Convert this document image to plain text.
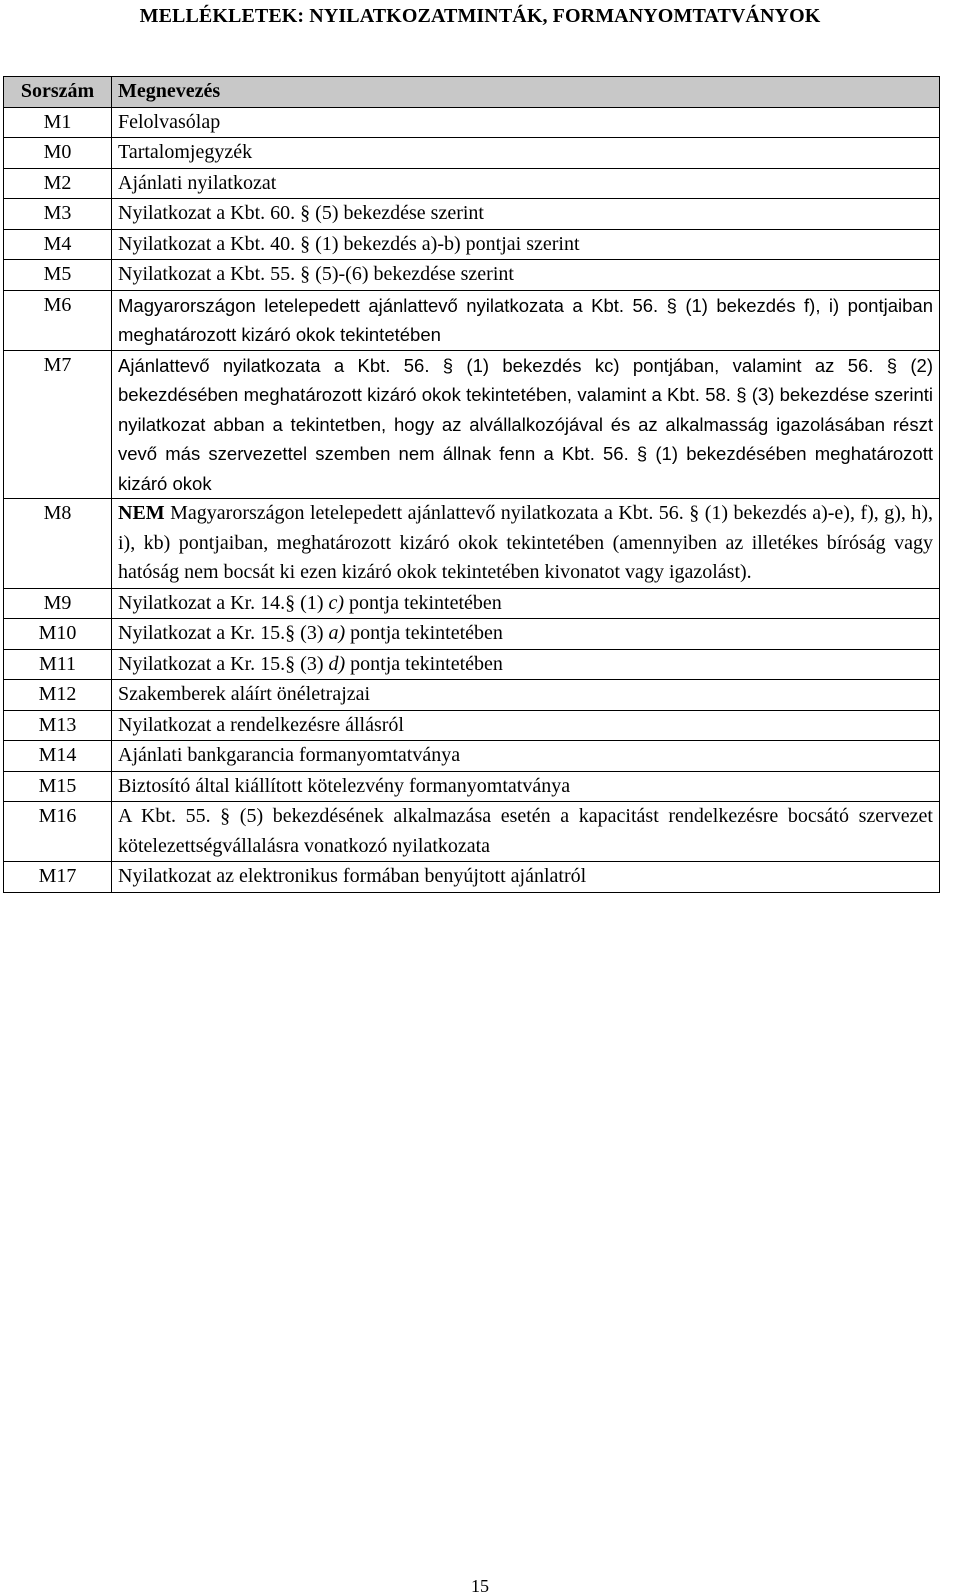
MELLÉKLETEK: NYILATKOZATMINTÁK, FORMANYOMTATVÁNYOK
Sorszám	Megnevezés
M1	Felolvasólap
M0	Tartalomjegyzék
M2	Ajánlati nyilatkozat
M3	Nyilatkozat a Kbt. 60. § (5) bekezdése szerint
M4	Nyilatkozat a Kbt. 40. § (1) bekezdés a)-b) pontjai szerint
M5	Nyilatkozat a Kbt. 55. § (5)-(6) bekezdése szerint
M6	Magyarországon letelepedett ajánlattevő nyilatkozata a Kbt. 56. § (1) bekezdés f), i) pontjaiban meghatározott kizáró okok tekintetében
M7	Ajánlattevő nyilatkozata a Kbt. 56. § (1) bekezdés kc) pontjában, valamint az 56. § (2) bekezdésében meghatározott kizáró okok tekintetében, valamint a Kbt. 58. § (3) bekezdése szerinti nyilatkozat abban a tekintetben, hogy az alvállalkozójával és az alkalmasság igazolásában részt vevő más szervezettel szemben nem állnak fenn a Kbt. 56. § (1) bekezdésében meghatározott kizáró okok
M8	NEM Magyarországon letelepedett ajánlattevő nyilatkozata a Kbt. 56. § (1) bekezdés a)-e), f), g), h), i), kb) pontjaiban, meghatározott kizáró okok tekintetében (amennyiben az illetékes bíróság vagy hatóság nem bocsát ki ezen kizáró okok tekintetében kivonatot vagy igazolást).
M9	Nyilatkozat a Kr. 14.§ (1) c) pontja tekintetében
M10	Nyilatkozat a Kr. 15.§ (3) a) pontja tekintetében
M11	Nyilatkozat a Kr. 15.§ (3) d) pontja tekintetében
M12	Szakemberek aláírt önéletrajzai
M13	Nyilatkozat a rendelkezésre állásról
M14	Ajánlati bankgarancia formanyomtatványa
M15	Biztosító által kiállított kötelezvény formanyomtatványa
M16	A Kbt. 55. § (5) bekezdésének alkalmazása esetén a kapacitást rendelkezésre bocsátó szervezet kötelezettségvállalásra vonatkozó nyilatkozata
M17	Nyilatkozat az elektronikus formában benyújtott ajánlatról
15
